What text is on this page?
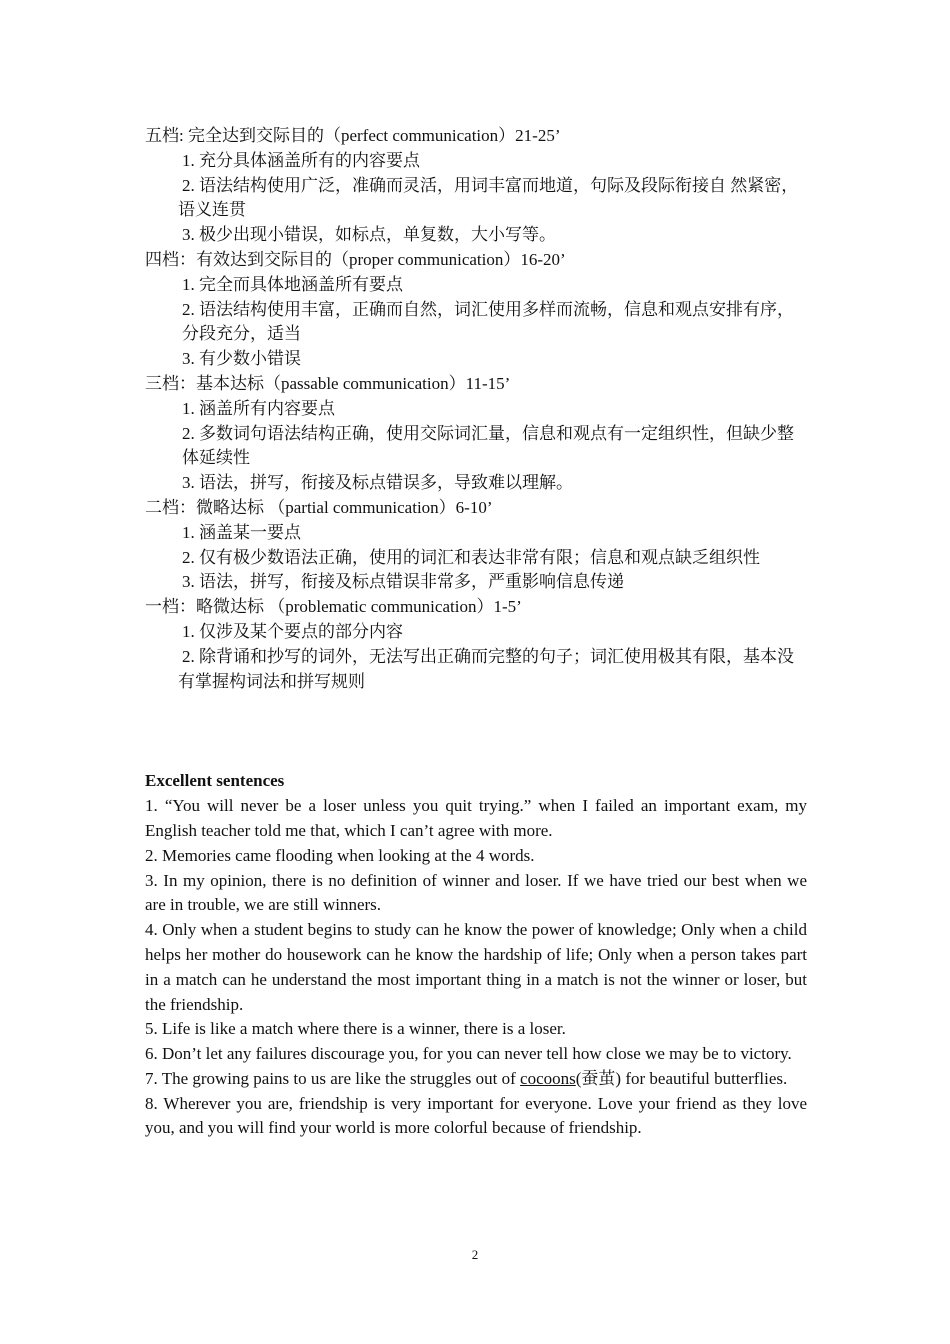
五档: 完全达到交际目的（perfect communication）21-25’

1. 充分具体涵盖所有的内容要点

2. 语法结构使用广泛，准确而灵活，用词丰富而地道，句际及段际衔接自 然紧密，语义连贯

3. 极少出现小错误，如标点，单复数，大小写等。

四档：有效达到交际目的（proper communication）16-20’

1. 完全而具体地涵盖所有要点

2. 语法结构使用丰富，正确而自然，词汇使用多样而流畅，信息和观点安排有序，分段充分，适当

3. 有少数小错误

三档：基本达标（passable communication）11-15’

1. 涵盖所有内容要点

2. 多数词句语法结构正确，使用交际词汇量，信息和观点有一定组织性，但缺少整体延续性

3. 语法，拼写，衔接及标点错误多，导致难以理解。

二档：微略达标 （partial communication）6-10’

1. 涵盖某一要点

2. 仅有极少数语法正确，使用的词汇和表达非常有限；信息和观点缺乏组织性

3. 语法，拼写，衔接及标点错误非常多，严重影响信息传递

一档：略微达标 （problematic communication）1-5’

1. 仅涉及某个要点的部分内容

2. 除背诵和抄写的词外，无法写出正确而完整的句子；词汇使用极其有限，基本没有掌握构词法和拼写规则

Excellent sentences

1. “You will never be a loser unless you quit trying.” when I failed an important exam, my English teacher told me that, which I can’t agree with more.

2. Memories came flooding when looking at the 4 words.

3. In my opinion, there is no definition of winner and loser. If we have tried our best when we are in trouble, we are still winners.

4. Only when a student begins to study can he know the power of knowledge; Only when a child helps her mother do housework can he know the hardship of life; Only when a person takes part in a match can he understand the most important thing in a match is not the winner or loser, but the friendship.

5. Life is like a match where there is a winner, there is a loser.

6. Don’t let any failures discourage you, for you can never tell how close we may be to victory.

7. The growing pains to us are like the struggles out of cocoons(蚕茧) for beautiful butterflies.

8. Wherever you are, friendship is very important for everyone. Love your friend as they love you, and you will find your world is more colorful because of friendship.

2
